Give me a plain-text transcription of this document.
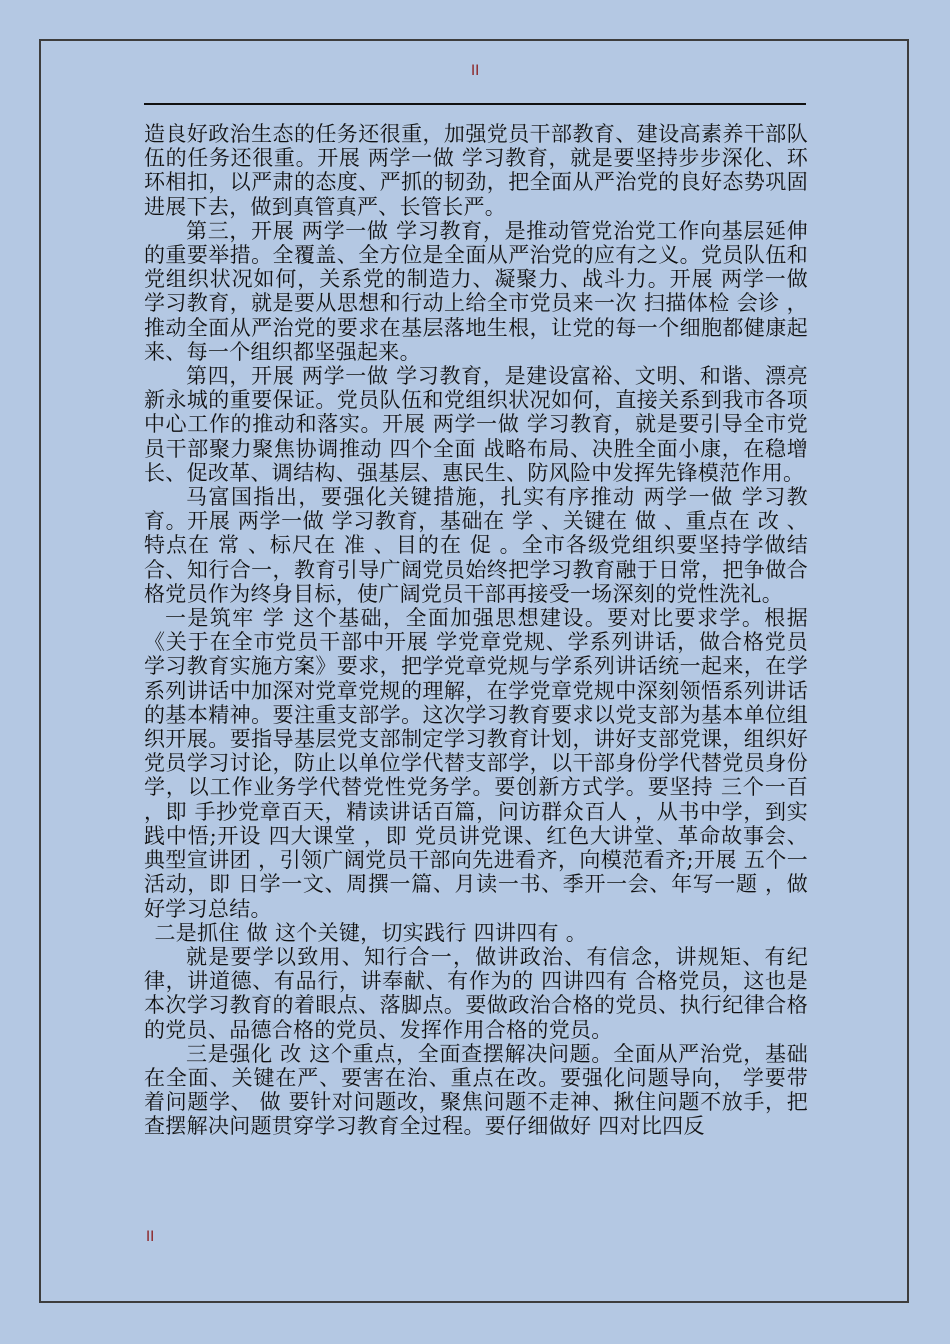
II

造良好政治生态的任务还很重，加强党员干部教育、建设高素养干部队伍的任务还很重。开展 两学一做 学习教育，就是要坚持步步深化、环环相扣，以严肃的态度、严抓的韧劲，把全面从严治党的良好态势巩固进展下去，做到真管真严、长管长严。

第三，开展 两学一做 学习教育，是推动管党治党工作向基层延伸的重要举措。全覆盖、全方位是全面从严治党的应有之义。党员队伍和党组织状况如何，关系党的制造力、凝聚力、战斗力。开展 两学一做 学习教育，就是要从思想和行动上给全市党员来一次 扫描体检 会诊 ，推动全面从严治党的要求在基层落地生根，让党的每一个细胞都健康起来、每一个组织都坚强起来。

第四，开展 两学一做 学习教育，是建设富裕、文明、和谐、漂亮新永城的重要保证。党员队伍和党组织状况如何，直接关系到我市各项中心工作的推动和落实。开展 两学一做 学习教育，就是要引导全市党员干部聚力聚焦协调推动 四个全面 战略布局、决胜全面小康，在稳增长、促改革、调结构、强基层、惠民生、防风险中发挥先锋模范作用。

马富国指出，要强化关键措施，扎实有序推动 两学一做 学习教育。开展 两学一做 学习教育，基础在 学 、关键在 做 、重点在 改 、特点在 常 、标尺在 准 、目的在 促 。全市各级党组织要坚持学做结合、知行合一，教育引导广阔党员始终把学习教育融于日常，把争做合格党员作为终身目标，使广阔党员干部再接受一场深刻的党性洗礼。

一是筑牢 学 这个基础，全面加强思想建设。要对比要求学。根据《关于在全市党员干部中开展 学党章党规、学系列讲话，做合格党员 学习教育实施方案》要求，把学党章党规与学系列讲话统一起来，在学系列讲话中加深对党章党规的理解，在学党章党规中深刻领悟系列讲话的基本精神。要注重支部学。这次学习教育要求以党支部为基本单位组织开展。要指导基层党支部制定学习教育计划，讲好支部党课，组织好党员学习讨论，防止以单位学代替支部学，以干部身份学代替党员身份学，以工作业务学代替党性党务学。要创新方式学。要坚持 三个一百 ，即 手抄党章百天，精读讲话百篇，问访群众百人 ，从书中学，到实践中悟;开设 四大课堂 ，即 党员讲党课、红色大讲堂、革命故事会、典型宣讲团 ，引领广阔党员干部向先进看齐，向模范看齐;开展 五个一 活动，即 日学一文、周撰一篇、月读一书、季开一会、年写一题 ，做好学习总结。

二是抓住 做 这个关键，切实践行 四讲四有 。

就是要学以致用、知行合一，做讲政治、有信念，讲规矩、有纪律，讲道德、有品行，讲奉献、有作为的 四讲四有 合格党员，这也是本次学习教育的着眼点、落脚点。要做政治合格的党员、执行纪律合格的党员、品德合格的党员、发挥作用合格的党员。

三是强化 改 这个重点，全面查摆解决问题。全面从严治党，基础在全面、关键在严、要害在治、重点在改。要强化问题导向， 学要带着问题学、 做 要针对问题改，聚焦问题不走神、揪住问题不放手，把查摆解决问题贯穿学习教育全过程。要仔细做好 四对比四反

II
